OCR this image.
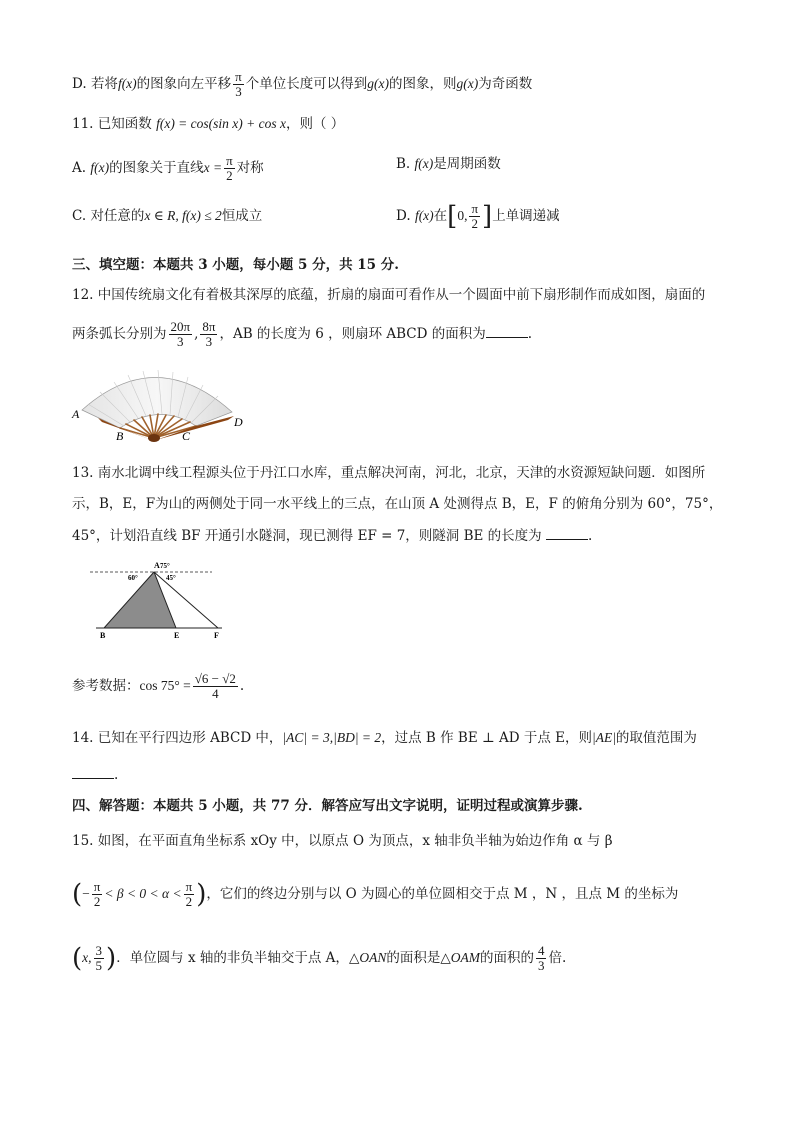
D. 若将f(x)的图象向左平移 $\frac{\pi}{3}$ 个单位长度可以得到g(x)的图象，则g(x)为奇函数
11. 已知函数 f(x) = cos(sin x) + cos x，则（ ）
A. f(x)的图象关于直线$x = \frac{\pi}{2}$ 对称	B. f(x)是周期函数
C. 对任意的x ∈ R, f(x) ≤ 2恒成立	D. f(x)在[0, $\frac{\pi}{2}$ ]上单调递减
三、填空题：本题共 3 小题，每小题 5 分，共 15 分.
12. 中国传统扇文化有着极其深厚的底蕴，折扇的扇面可看作从一个圆面中前下扇形制作而成如图，扇面的
两条弧长分别为 $\frac{20\pi}{3}$ , $\frac{8\pi}{3}$ ，AB 的长度为 6 ，则扇环 ABCD 的面积为	.
A
B	C
D
13. 南水北调中线工程源头位于丹江口水库，重点解决河南，河北，北京，天津的水资源短缺问题．如图所
示，B，E，F为山的两侧处于同一水平线上的三点，在山顶 A 处测得点 B，E，F 的俯角分别为 60°，75°，
45°，计划沿直线 BF 开通引水隧洞，现已测得 EF = 7，则隧洞 BE 的长度为	.
A 75°
60°	45°
B	E	F
参考数据：$\cos 75^\circ = \frac{√6 - √2}{4}$ .
14. 已知在平行四边形 ABCD 中，|AC| = 3,|BD| = 2，过点 B 作 BE ⊥ AD 于点 E，则|AE|的取值范围为
.
四、解答题：本题共 5 小题，共 77 分．解答应写出文字说明，证明过程或演算步骤.
15. 如图，在平面直角坐标系 xOy 中，以原点 O 为顶点，x 轴非负半轴为始边作角 α 与 β
(− $\frac{\pi}{2} < \beta < 0 < \alpha < \frac{\pi}{2}$ )，它们的终边分别与以 O 为圆心的单位圆相交于点 M ，N ，且点 M 的坐标为
(x, $\frac{3}{5}$ )．单位圆与 x 轴的非负半轴交于点 A，△OAN的面积是△OAM的面积的 $\frac{4}{3}$ 倍.
